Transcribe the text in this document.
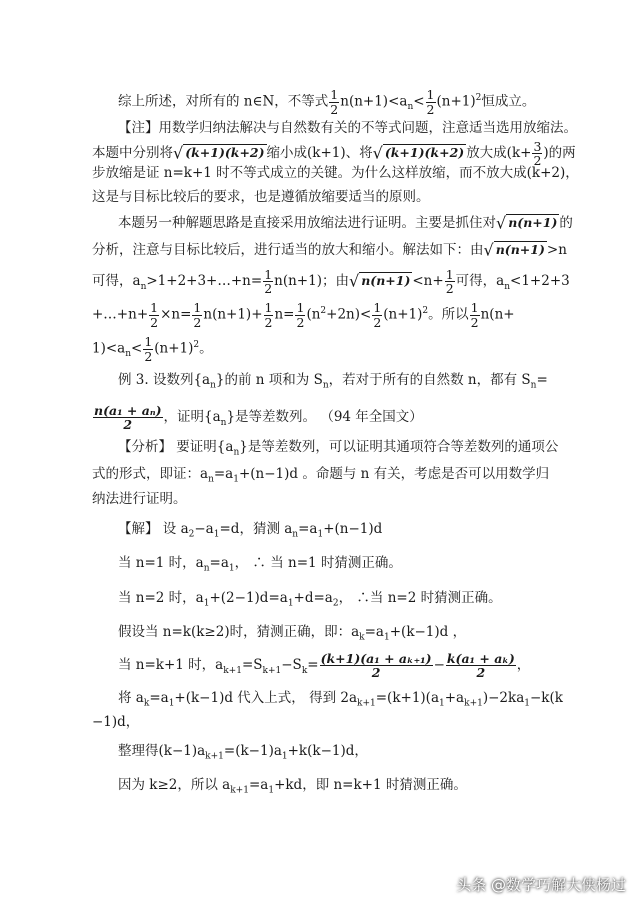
综上所述，对所有的 n∈N，不等式 $\frac{1}{2} n(n+1)<a_n< \frac{1}{2} (n+1)^2$恒成立。
【注】用数学归纳法解决与自然数有关的不等式问题，注意适当选用放缩法。
本题中分别将√ (k+1)(k+2) 缩小成(k+1)、将√ (k+1)(k+2) 放大成($k+ \frac{3}{2}$ )的两
步放缩是证 n=k+1 时不等式成立的关键。为什么这样放缩，而不放大成(k+2)，
这是与目标比较后的要求，也是遵循放缩要适当的原则。
本题另一种解题思路是直接采用放缩法进行证明。主要是抓住对√ n(n+1) 的
分析，注意与目标比较后，进行适当的放大和缩小。解法如下：由√ n(n+1) >n
可得，$a_n>1+2+3+\dots+n= \frac{1}{2} n(n+1)$；由√ $n(n+1) <n+ \frac{1}{2}$ 可得，$a_n<1+2+3$
+…+n+ $\frac{1}{2} \times n= \frac{1}{2} n(n+1)+ \frac{1}{2} n= \frac{1}{2} (n^2+2n)< \frac{1}{2} (n+1)^2$。所以 $\frac{1}{2} n(n+$
$1)<a_n< \frac{1}{2} (n+1)^2$。
例 3. 设数列$\{a_n\}$的前 n 项和为 $S_n$，若对于所有的自然数 n，都有 $S_n=$
$\frac{\text{n(a₁ + aₙ)}}{2}$ ，证明$\{a_n\}$是等差数列。 （94 年全国文）
【分析】 要证明$\{a_n\}$是等差数列，可以证明其通项符合等差数列的通项公
式的形式，即证：$a_n=a_1+(n-1)d$ 。命题与 n 有关，考虑是否可以用数学归
纳法进行证明。
【解】 设 $a_2-a_1=d$，猜测 $a_n=a_1+(n-1)d$
当 n=1 时，$a_n=a_1$， ∴ 当 n=1 时猜测正确。
当 n=2 时，$a_1+(2-1)d=a_1+d=a_2$， ∴当 n=2 时猜测正确。
假设当 n=k(k≥2)时，猜测正确，即：$a_k=a_1+(k-1)d$ ，
当 n=k+1 时，$a_{k+1}=S_{k+1}-S_k= \frac{\text{(k+1)(a₁ + aₖ₊₁)}}{2} - \frac{\text{k(a₁ + aₖ)}}{2}$ ，
将 $a_k=a_1+(k-1)d$ 代入上式， 得到 $2a_{k+1}=(k+1)(a_1+a_{k+1})-2ka_1-k(k$
−1)d，
整理得$(k-1)a_{k+1}=(k-1)a_1+k(k-1)d$，
因为 k≥2，所以 $a_{k+1}=a_1+kd$，即 n=k+1 时猜测正确。
头条 @数学巧解大侠杨过
